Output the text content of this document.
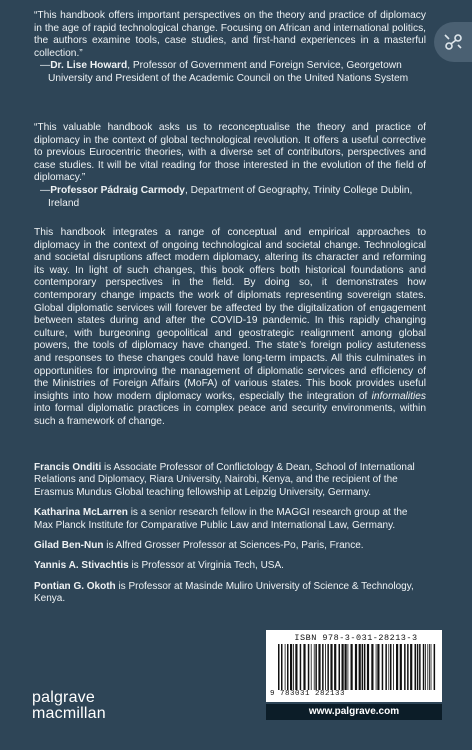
“This handbook offers important perspectives on the theory and practice of diplomacy in the age of rapid technological change. Focusing on African and international politics, the authors examine tools, case studies, and first-hand experiences in a masterful collection.”

—Dr. Lise Howard, Professor of Government and Foreign Service, Georgetown University and President of the Academic Council on the United Nations System

“This valuable handbook asks us to reconceptualise the theory and practice of diplomacy in the context of global technological revolution. It offers a useful corrective to previous Eurocentric theories, with a diverse set of contributors, perspectives and case studies. It will be vital reading for those interested in the evolution of the field of diplomacy.”

—Professor Pádraig Carmody, Department of Geography, Trinity College Dublin, Ireland

This handbook integrates a range of conceptual and empirical approaches to diplomacy in the context of ongoing technological and societal change. Technological and societal disruptions affect modern diplomacy, altering its character and reforming its way. In light of such changes, this book offers both historical foundations and contemporary perspectives in the field. By doing so, it demonstrates how contemporary change impacts the work of diplomats representing sovereign states. Global diplomatic services will forever be affected by the digitalization of engagement between states during and after the COVID-19 pandemic. In this rapidly changing culture, with burgeoning geopolitical and geostrategic realignment among global powers, the tools of diplomacy have changed. The state’s foreign policy astuteness and responses to these changes could have long-term impacts. All this culminates in opportunities for improving the management of diplomatic services and efficiency of the Ministries of Foreign Affairs (MoFA) of various states. This book provides useful insights into how modern diplomacy works, especially the integration of informalities into formal diplomatic practices in complex peace and security environments, within such a framework of change.

Francis Onditi is Associate Professor of Conflictology & Dean, School of International Relations and Diplomacy, Riara University, Nairobi, Kenya, and the recipient of the Erasmus Mundus Global teaching fellowship at Leipzig University, Germany.

Katharina McLarren is a senior research fellow in the MAGGI research group at the Max Planck Institute for Comparative Public Law and International Law, Germany.

Gilad Ben-Nun is Alfred Grosser Professor at Sciences-Po, Paris, France.

Yannis A. Stivachtis is Professor at Virginia Tech, USA.

Pontian G. Okoth is Professor at Masinde Muliro University of Science & Technology, Kenya.

palgrave
macmillan
ISBN 978-3-031-28213-3
9 783031 282133
www.palgrave.com
